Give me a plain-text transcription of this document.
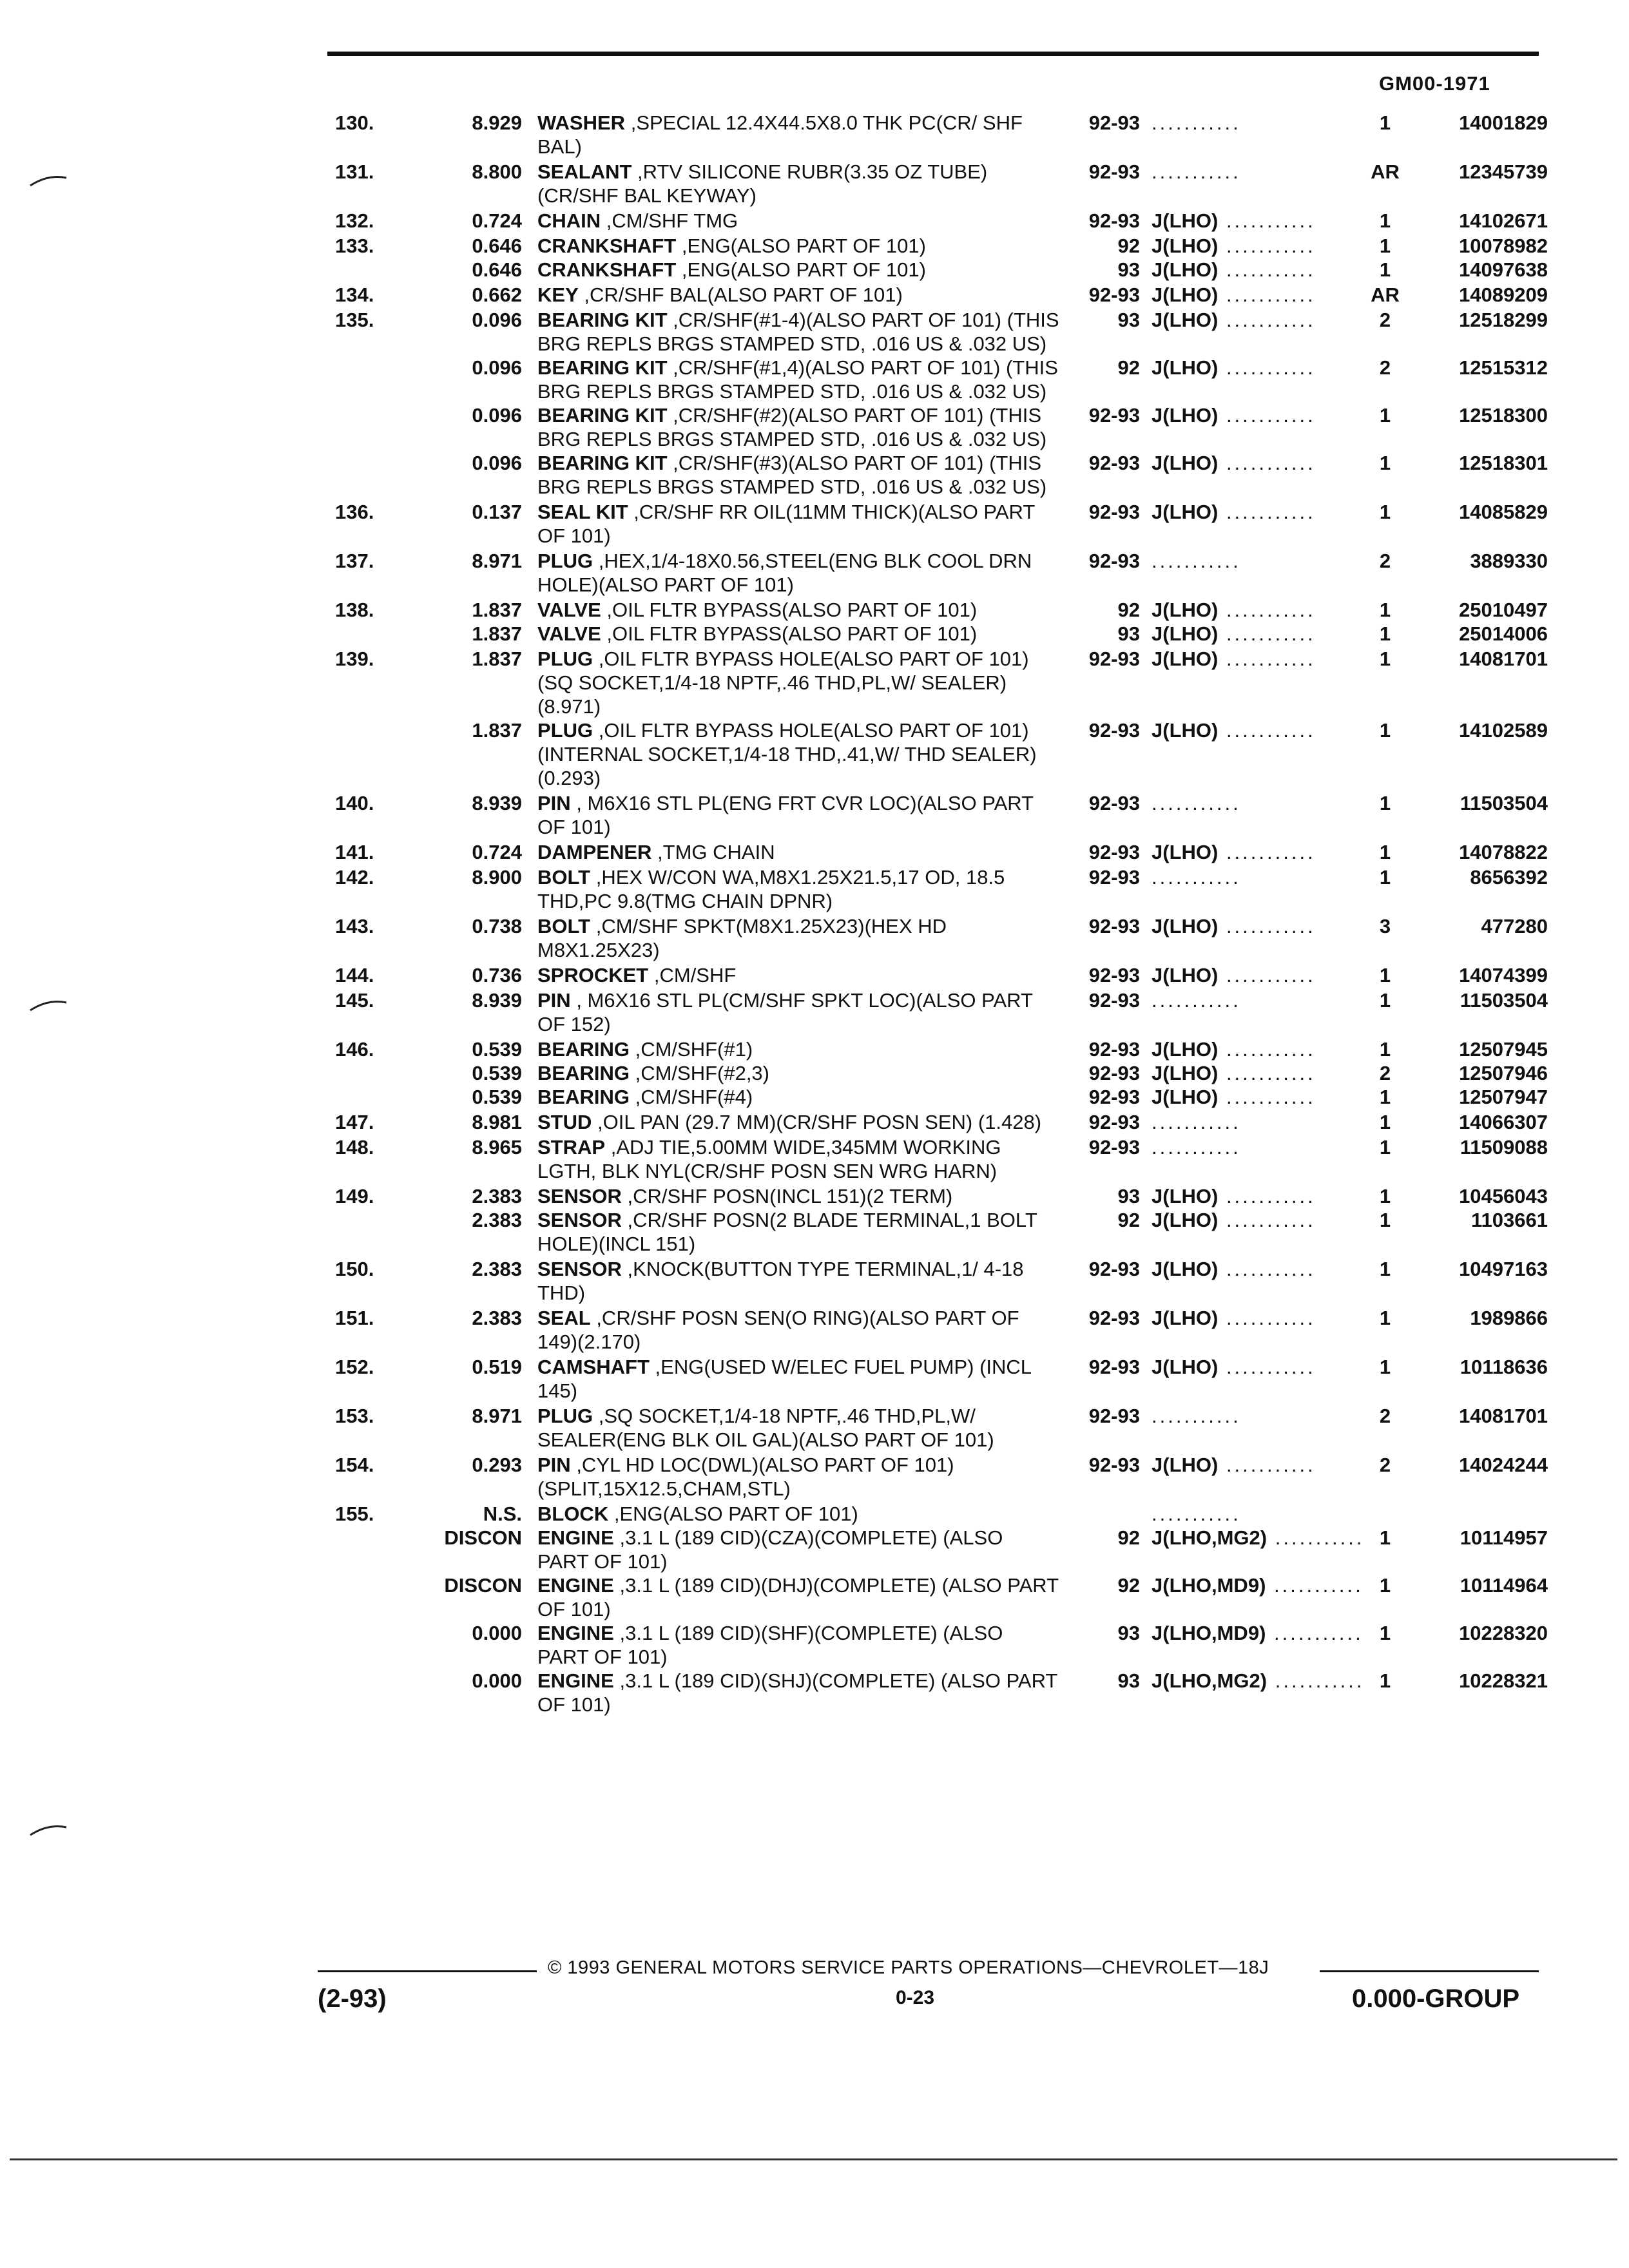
GM00-1971
130.	8.929	WASHER ,SPECIAL 12.4X44.5X8.0 THK PC(CR/ SHF BAL)	92-93	...........	1	14001829
131.	8.800	SEALANT ,RTV SILICONE RUBR(3.35 OZ TUBE) (CR/SHF BAL KEYWAY)	92-93	...........	AR	12345739
132.	0.724	CHAIN ,CM/SHF TMG	92-93	J(LHO) ...........	1	14102671
133.	0.646	CRANKSHAFT ,ENG(ALSO PART OF 101)	92	J(LHO) ...........	1	10078982
	0.646	CRANKSHAFT ,ENG(ALSO PART OF 101)	93	J(LHO) ...........	1	14097638
134.	0.662	KEY ,CR/SHF BAL(ALSO PART OF 101)	92-93	J(LHO) ...........	AR	14089209
135.	0.096	BEARING KIT ,CR/SHF(#1-4)(ALSO PART OF 101) (THIS BRG REPLS BRGS STAMPED STD, .016 US & .032 US)	93	J(LHO) ...........	2	12518299
	0.096	BEARING KIT ,CR/SHF(#1,4)(ALSO PART OF 101) (THIS BRG REPLS BRGS STAMPED STD, .016 US & .032 US)	92	J(LHO) ...........	2	12515312
	0.096	BEARING KIT ,CR/SHF(#2)(ALSO PART OF 101) (THIS BRG REPLS BRGS STAMPED STD, .016 US & .032 US)	92-93	J(LHO) ...........	1	12518300
	0.096	BEARING KIT ,CR/SHF(#3)(ALSO PART OF 101) (THIS BRG REPLS BRGS STAMPED STD, .016 US & .032 US)	92-93	J(LHO) ...........	1	12518301
136.	0.137	SEAL KIT ,CR/SHF RR OIL(11MM THICK)(ALSO PART OF 101)	92-93	J(LHO) ...........	1	14085829
137.	8.971	PLUG ,HEX,1/4-18X0.56,STEEL(ENG BLK COOL DRN HOLE)(ALSO PART OF 101)	92-93	...........	2	3889330
138.	1.837	VALVE ,OIL FLTR BYPASS(ALSO PART OF 101)	92	J(LHO) ...........	1	25010497
	1.837	VALVE ,OIL FLTR BYPASS(ALSO PART OF 101)	93	J(LHO) ...........	1	25014006
139.	1.837	PLUG ,OIL FLTR BYPASS HOLE(ALSO PART OF 101)(SQ SOCKET,1/4-18 NPTF,.46 THD,PL,W/ SEALER)(8.971)	92-93	J(LHO) ...........	1	14081701
	1.837	PLUG ,OIL FLTR BYPASS HOLE(ALSO PART OF 101)(INTERNAL SOCKET,1/4-18 THD,.41,W/ THD SEALER)(0.293)	92-93	J(LHO) ...........	1	14102589
140.	8.939	PIN , M6X16 STL PL(ENG FRT CVR LOC)(ALSO PART OF 101)	92-93	...........	1	11503504
141.	0.724	DAMPENER ,TMG CHAIN	92-93	J(LHO) ...........	1	14078822
142.	8.900	BOLT ,HEX W/CON WA,M8X1.25X21.5,17 OD, 18.5 THD,PC 9.8(TMG CHAIN DPNR)	92-93	...........	1	8656392
143.	0.738	BOLT ,CM/SHF SPKT(M8X1.25X23)(HEX HD M8X1.25X23)	92-93	J(LHO) ...........	3	477280
144.	0.736	SPROCKET ,CM/SHF	92-93	J(LHO) ...........	1	14074399
145.	8.939	PIN , M6X16 STL PL(CM/SHF SPKT LOC)(ALSO PART OF 152)	92-93	...........	1	11503504
146.	0.539	BEARING ,CM/SHF(#1)	92-93	J(LHO) ...........	1	12507945
	0.539	BEARING ,CM/SHF(#2,3)	92-93	J(LHO) ...........	2	12507946
	0.539	BEARING ,CM/SHF(#4)	92-93	J(LHO) ...........	1	12507947
147.	8.981	STUD ,OIL PAN (29.7 MM)(CR/SHF POSN SEN) (1.428)	92-93	...........	1	14066307
148.	8.965	STRAP ,ADJ TIE,5.00MM WIDE,345MM WORKING LGTH, BLK NYL(CR/SHF POSN SEN WRG HARN)	92-93	...........	1	11509088
149.	2.383	SENSOR ,CR/SHF POSN(INCL 151)(2 TERM)	93	J(LHO) ...........	1	10456043
	2.383	SENSOR ,CR/SHF POSN(2 BLADE TERMINAL,1 BOLT HOLE)(INCL 151)	92	J(LHO) ...........	1	1103661
150.	2.383	SENSOR ,KNOCK(BUTTON TYPE TERMINAL,1/ 4-18 THD)	92-93	J(LHO) ...........	1	10497163
151.	2.383	SEAL ,CR/SHF POSN SEN(O RING)(ALSO PART OF 149)(2.170)	92-93	J(LHO) ...........	1	1989866
152.	0.519	CAMSHAFT ,ENG(USED W/ELEC FUEL PUMP) (INCL 145)	92-93	J(LHO) ...........	1	10118636
153.	8.971	PLUG ,SQ SOCKET,1/4-18 NPTF,.46 THD,PL,W/ SEALER(ENG BLK OIL GAL)(ALSO PART OF 101)	92-93	...........	2	14081701
154.	0.293	PIN ,CYL HD LOC(DWL)(ALSO PART OF 101) (SPLIT,15X12.5,CHAM,STL)	92-93	J(LHO) ...........	2	14024244
155.	N.S.	BLOCK ,ENG(ALSO PART OF 101)		...........		
	DISCON	ENGINE ,3.1 L (189 CID)(CZA)(COMPLETE) (ALSO PART OF 101)	92	J(LHO,MG2) ...........	1	10114957
	DISCON	ENGINE ,3.1 L (189 CID)(DHJ)(COMPLETE) (ALSO PART OF 101)	92	J(LHO,MD9) ...........	1	10114964
	0.000	ENGINE ,3.1 L (189 CID)(SHF)(COMPLETE) (ALSO PART OF 101)	93	J(LHO,MD9) ...........	1	10228320
	0.000	ENGINE ,3.1 L (189 CID)(SHJ)(COMPLETE) (ALSO PART OF 101)	93	J(LHO,MG2) ...........	1	10228321
© 1993 GENERAL MOTORS SERVICE PARTS OPERATIONS—CHEVROLET—18J
(2-93)	0-23	0.000-GROUP
